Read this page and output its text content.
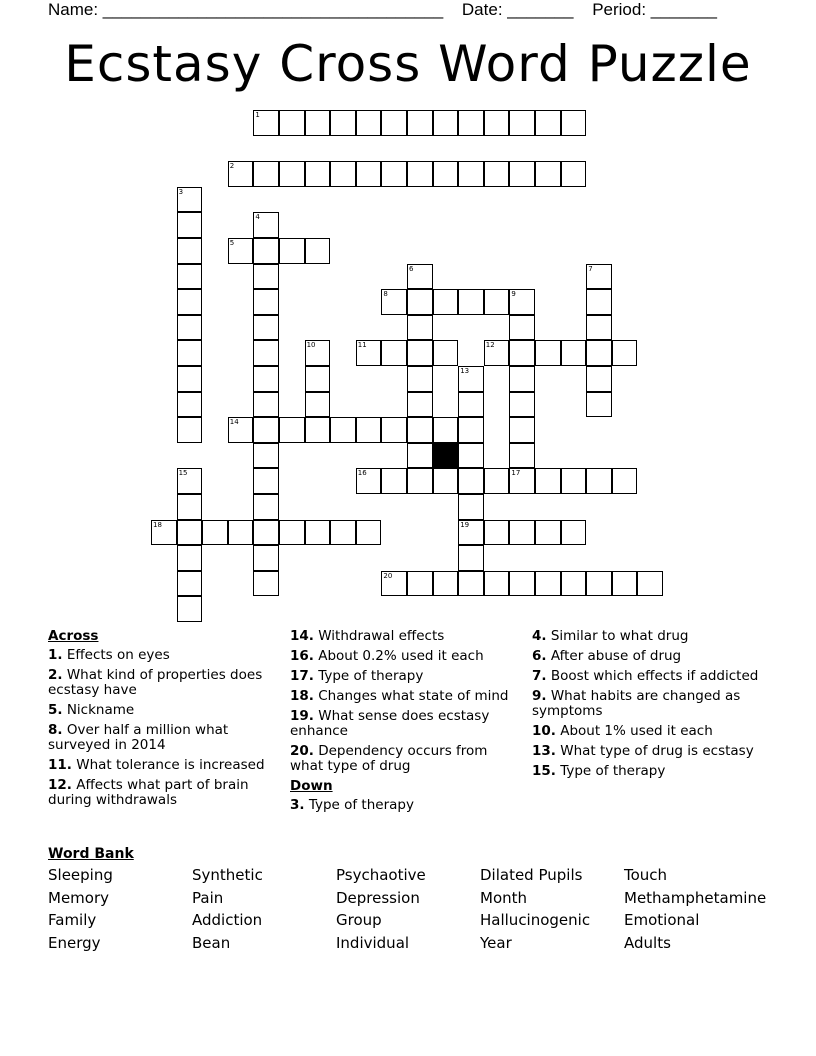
Name: ____________________________________ Date: _______ Period: _______
Ecstasy Cross Word Puzzle
1
2
3
4
5
6	7
8	9
17
10	11	12
13
19
14
15	16
18
20
Across
1. Effects on eyes
2. What kind of properties does ecstasy have
5. Nickname
8. Over half a million what surveyed in 2014
11. What tolerance is increased
12. Affects what part of brain during withdrawals
14. Withdrawal effects
16. About 0.2% used it each
17. Type of therapy
18. Changes what state of mind
19. What sense does ecstasy enhance
20. Dependency occurs from what type of drug
Down
3. Type of therapy
4. Similar to what drug
6. After abuse of drug
7. Boost which effects if addicted
9. What habits are changed as symptoms
10. About 1% used it each
13. What type of drug is ecstasy
15. Type of therapy
Word Bank
Sleeping	Synthetic	Psychaotive	Dilated Pupils	Touch
Memory	Pain	Depression	Month	Methamphetamine
Family	Addiction	Group	Hallucinogenic Emotional
Energy	Bean	Individual	Year	Adults
